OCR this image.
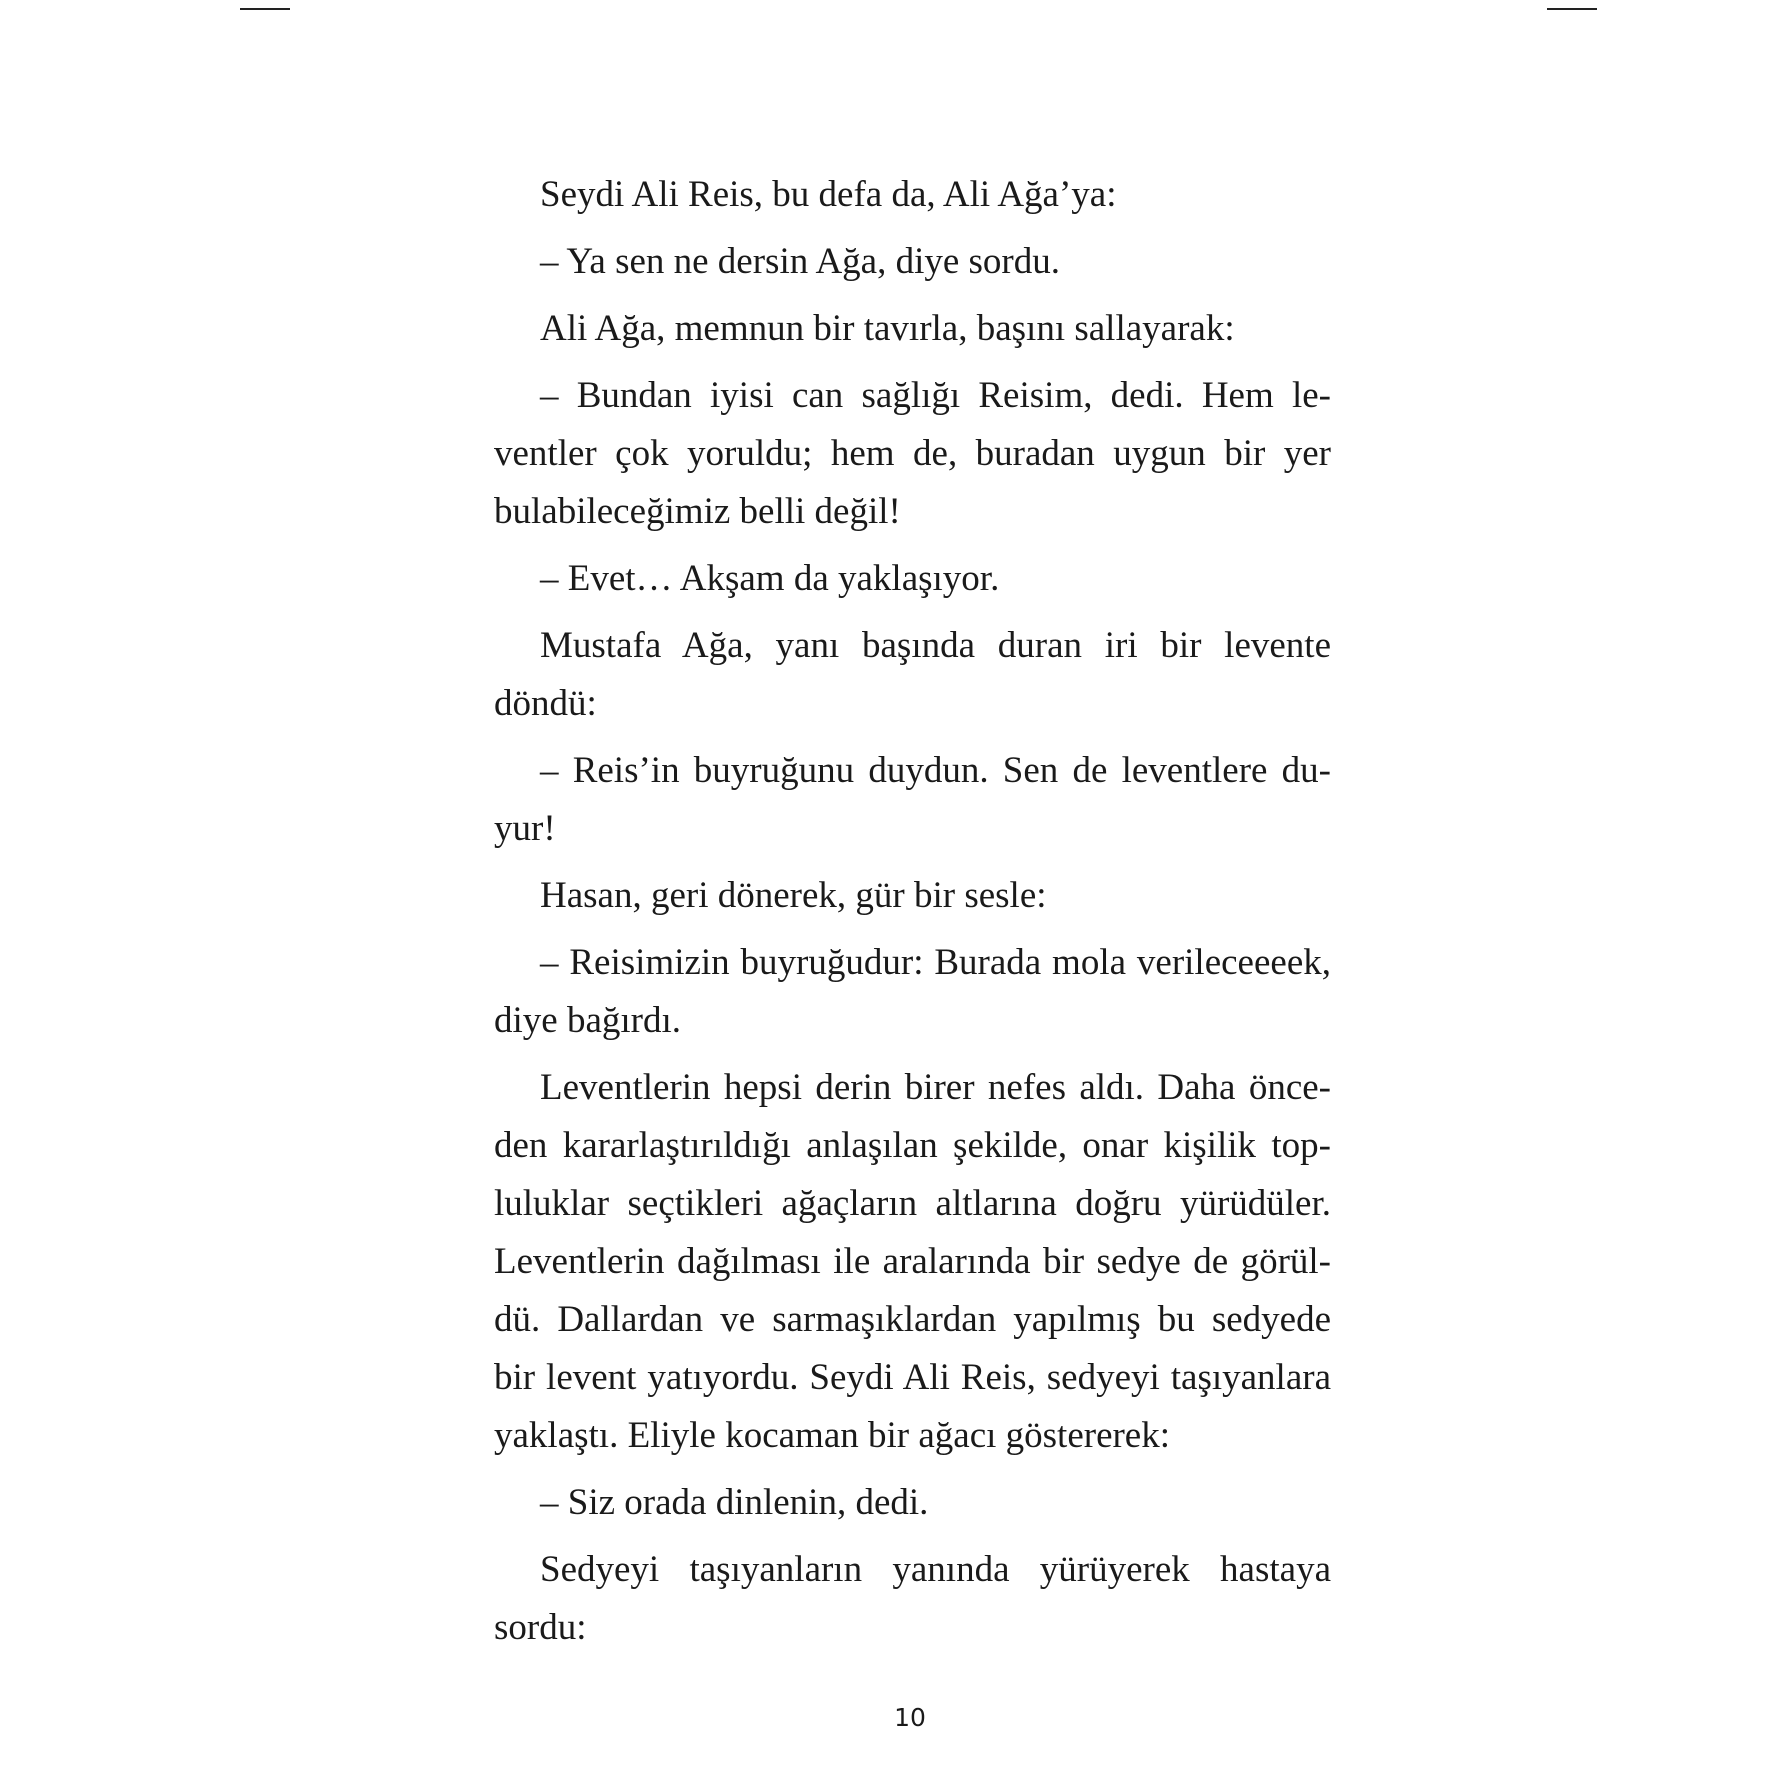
Seydi Ali Reis, bu defa da, Ali Ağa’ya:

– Ya sen ne dersin Ağa, diye sordu.

Ali Ağa, memnun bir tavırla, başını sallayarak:

– Bundan iyisi can sağlığı Reisim, dedi. Hem leventler çok yoruldu; hem de, buradan uygun bir yer bulabileceğimiz belli değil!

– Evet… Akşam da yaklaşıyor.

Mustafa Ağa, yanı başında duran iri bir levente döndü:

– Reis’in buyruğunu duydun. Sen de leventlere duyur!

Hasan, geri dönerek, gür bir sesle:

– Reisimizin buyruğudur: Burada mola verileceeeek, diye bağırdı.

Leventlerin hepsi derin birer nefes aldı. Daha önceden kararlaştırıldığı anlaşılan şekilde, onar kişilik topluluklar seçtikleri ağaçların altlarına doğru yürüdüler. Leventlerin dağılması ile aralarında bir sedye de görüldü. Dallardan ve sarmaşıklardan yapılmış bu sedyede bir levent yatıyordu. Seydi Ali Reis, sedyeyi taşıyanlara yaklaştı. Eliyle kocaman bir ağacı göstererek:

– Siz orada dinlenin, dedi.

Sedyeyi taşıyanların yanında yürüyerek hastaya sordu:

10
